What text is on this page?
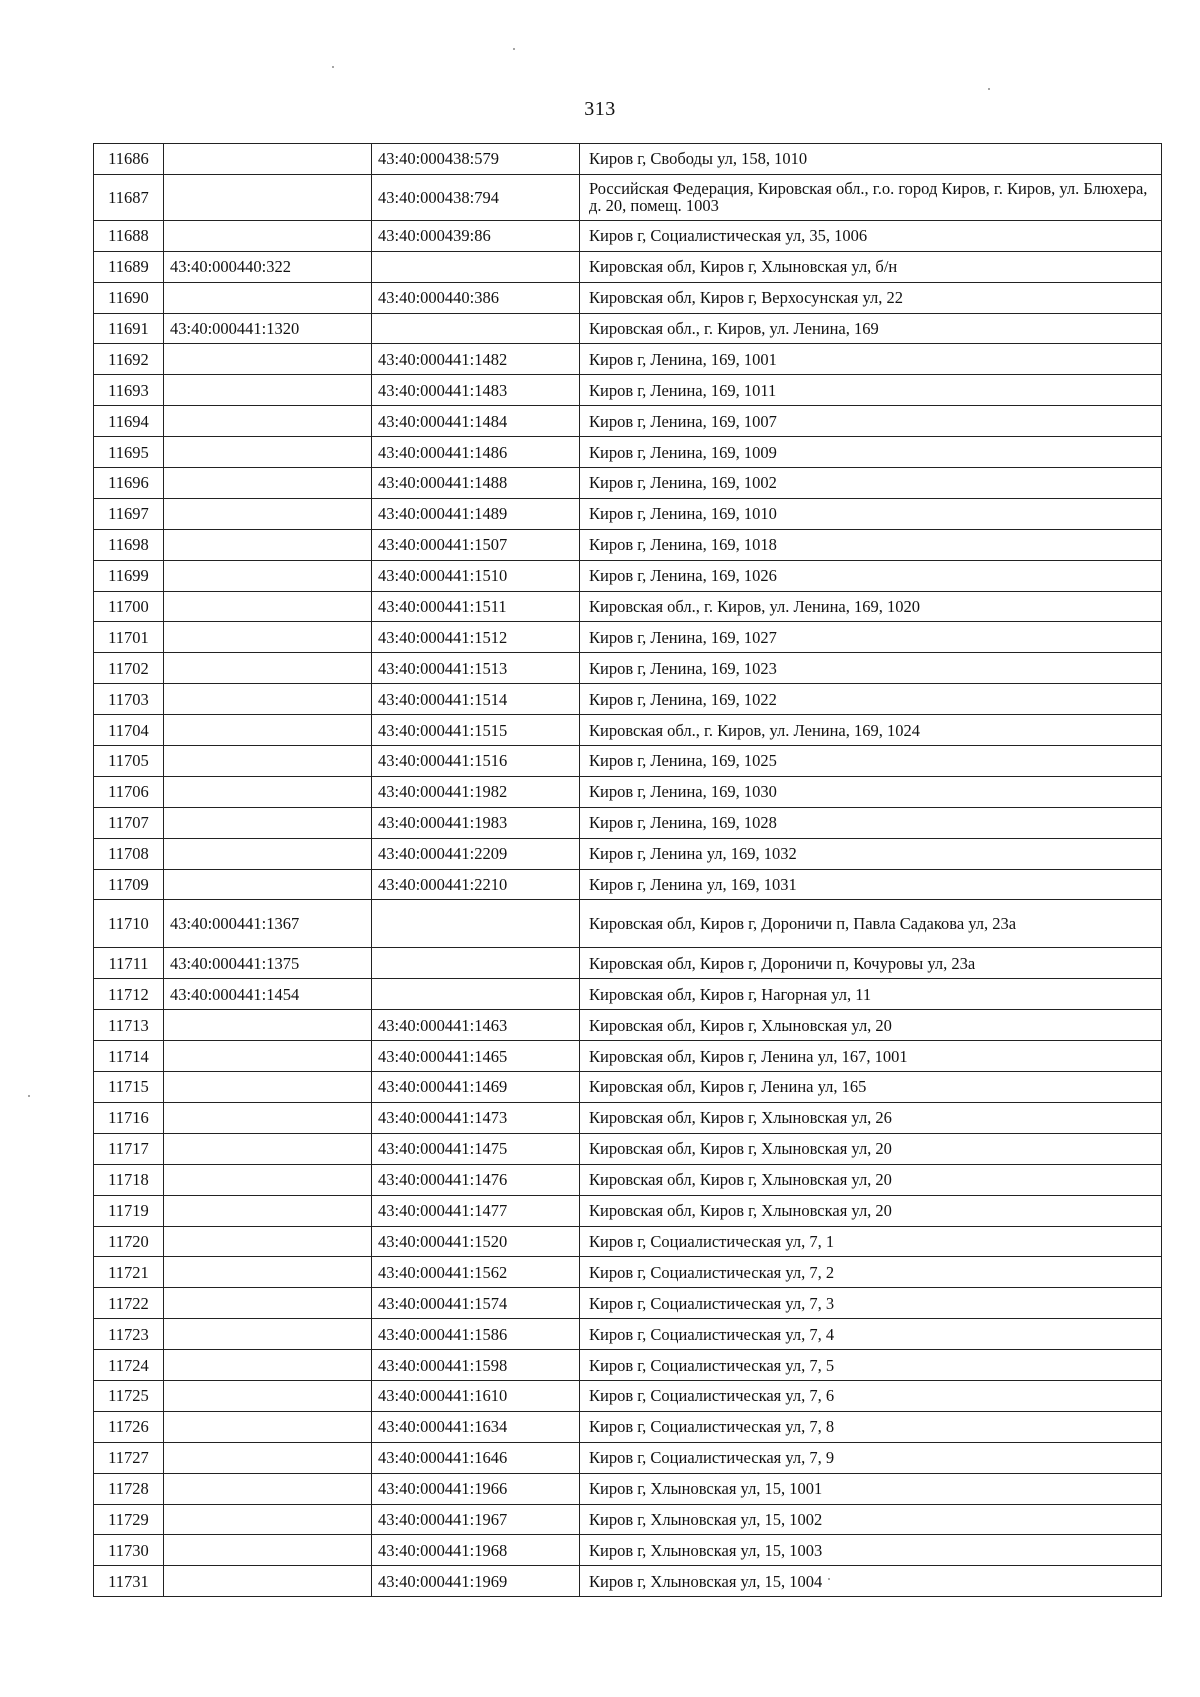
313
11686		43:40:000438:579	Киров г, Свободы ул, 158, 1010
11687		43:40:000438:794	Российская Федерация, Кировская обл., г.о. город Киров, г. Киров, ул. Блюхера, д. 20, помещ. 1003
11688		43:40:000439:86	Киров г, Социалистическая ул, 35, 1006
11689	43:40:000440:322		Кировская обл, Киров г, Хлыновская ул, б/н
11690		43:40:000440:386	Кировская обл, Киров г, Верхосунская ул, 22
11691	43:40:000441:1320		Кировская обл., г. Киров, ул. Ленина, 169
11692		43:40:000441:1482	Киров г, Ленина, 169, 1001
11693		43:40:000441:1483	Киров г, Ленина, 169, 1011
11694		43:40:000441:1484	Киров г, Ленина, 169, 1007
11695		43:40:000441:1486	Киров г, Ленина, 169, 1009
11696		43:40:000441:1488	Киров г, Ленина, 169, 1002
11697		43:40:000441:1489	Киров г, Ленина, 169, 1010
11698		43:40:000441:1507	Киров г, Ленина, 169, 1018
11699		43:40:000441:1510	Киров г, Ленина, 169, 1026
11700		43:40:000441:1511	Кировская обл., г. Киров, ул. Ленина, 169, 1020
11701		43:40:000441:1512	Киров г, Ленина, 169, 1027
11702		43:40:000441:1513	Киров г, Ленина, 169, 1023
11703		43:40:000441:1514	Киров г, Ленина, 169, 1022
11704		43:40:000441:1515	Кировская обл., г. Киров, ул. Ленина, 169, 1024
11705		43:40:000441:1516	Киров г, Ленина, 169, 1025
11706		43:40:000441:1982	Киров г, Ленина, 169, 1030
11707		43:40:000441:1983	Киров г, Ленина, 169, 1028
11708		43:40:000441:2209	Киров г, Ленина ул, 169, 1032
11709		43:40:000441:2210	Киров г, Ленина ул, 169, 1031
11710	43:40:000441:1367		Кировская обл, Киров г, Дороничи п, Павла Садакова ул, 23а
11711	43:40:000441:1375		Кировская обл, Киров г, Дороничи п, Кочуровы ул, 23а
11712	43:40:000441:1454		Кировская обл, Киров г, Нагорная ул, 11
11713		43:40:000441:1463	Кировская обл, Киров г, Хлыновская ул, 20
11714		43:40:000441:1465	Кировская обл, Киров г, Ленина ул, 167, 1001
11715		43:40:000441:1469	Кировская обл, Киров г, Ленина ул, 165
11716		43:40:000441:1473	Кировская обл, Киров г, Хлыновская ул, 26
11717		43:40:000441:1475	Кировская обл, Киров г, Хлыновская ул, 20
11718		43:40:000441:1476	Кировская обл, Киров г, Хлыновская ул, 20
11719		43:40:000441:1477	Кировская обл, Киров г, Хлыновская ул, 20
11720		43:40:000441:1520	Киров г, Социалистическая ул, 7, 1
11721		43:40:000441:1562	Киров г, Социалистическая ул, 7, 2
11722		43:40:000441:1574	Киров г, Социалистическая ул, 7, 3
11723		43:40:000441:1586	Киров г, Социалистическая ул, 7, 4
11724		43:40:000441:1598	Киров г, Социалистическая ул, 7, 5
11725		43:40:000441:1610	Киров г, Социалистическая ул, 7, 6
11726		43:40:000441:1634	Киров г, Социалистическая ул, 7, 8
11727		43:40:000441:1646	Киров г, Социалистическая ул, 7, 9
11728		43:40:000441:1966	Киров г, Хлыновская ул, 15, 1001
11729		43:40:000441:1967	Киров г, Хлыновская ул, 15, 1002
11730		43:40:000441:1968	Киров г, Хлыновская ул, 15, 1003
11731		43:40:000441:1969	Киров г, Хлыновская ул, 15, 1004
